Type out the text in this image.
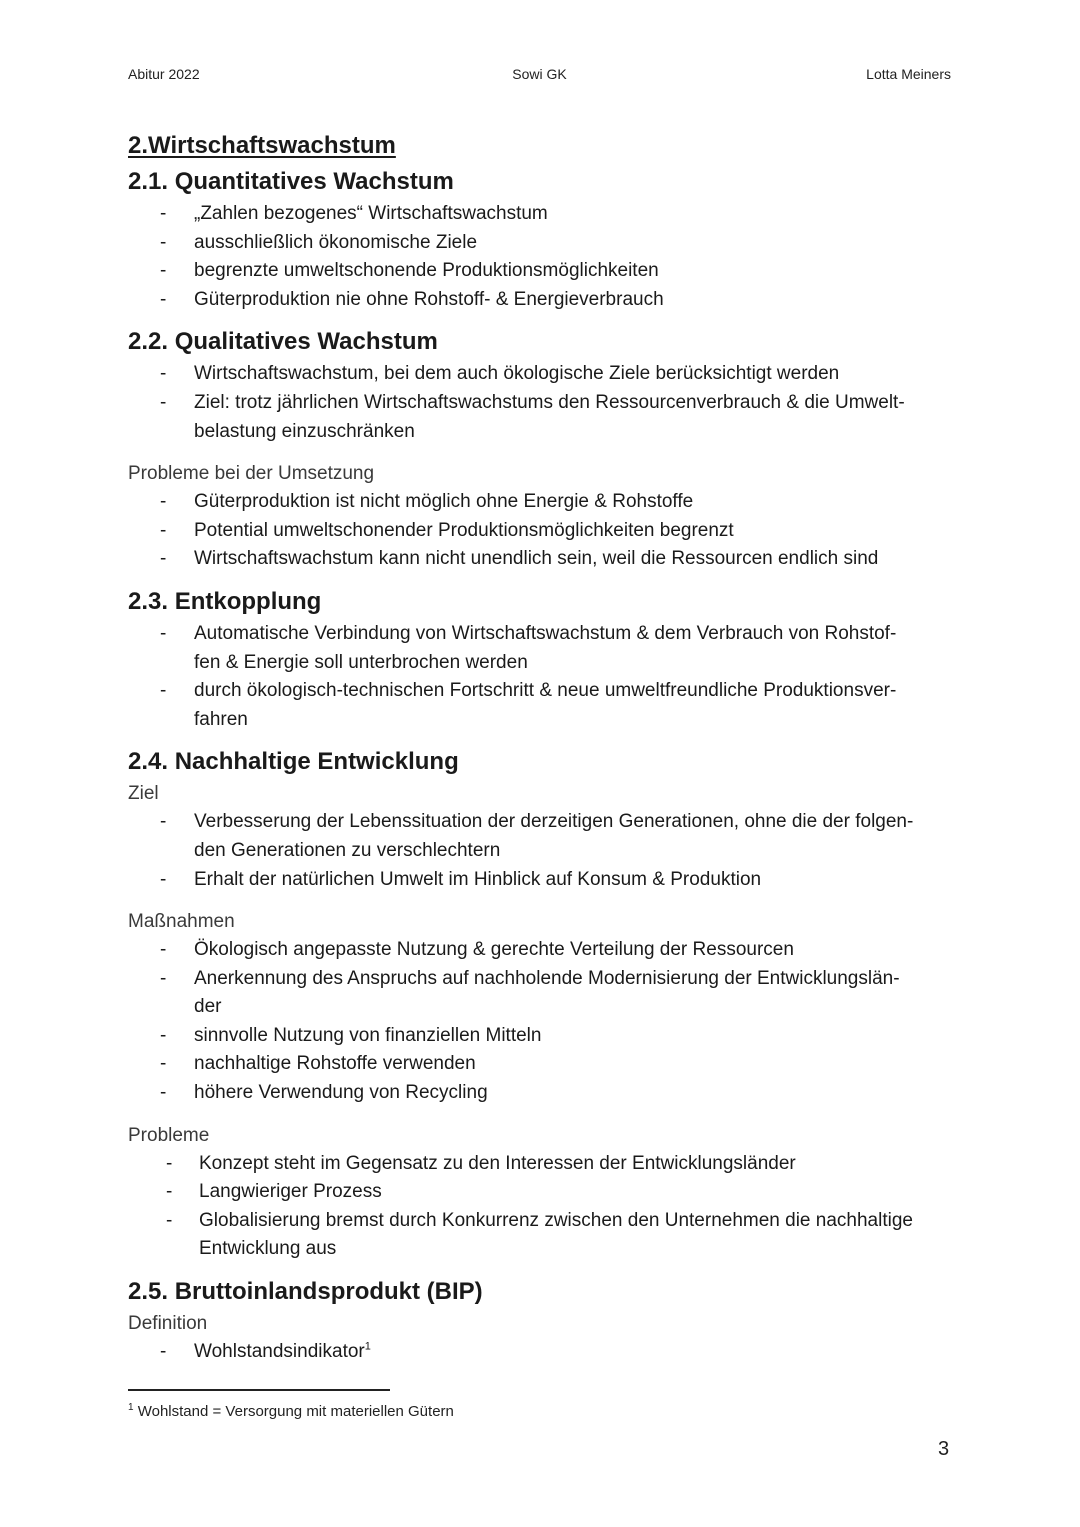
Abitur 2022	Sowi GK	Lotta Meiners
2.Wirtschaftswachstum
2.1. Quantitatives Wachstum
-	„Zahlen bezogenes“ Wirtschaftswachstum
-	ausschließlich ökonomische Ziele
-	begrenzte umweltschonende Produktionsmöglichkeiten
-	Güterproduktion nie ohne Rohstoff- & Energieverbrauch
2.2. Qualitatives Wachstum
-	Wirtschaftswachstum, bei dem auch ökologische Ziele berücksichtigt werden
-	Ziel: trotz jährlichen Wirtschaftswachstums den Ressourcenverbrauch & die Umwelt-
belastung einzuschränken
Probleme bei der Umsetzung
-	Güterproduktion ist nicht möglich ohne Energie & Rohstoffe
-	Potential umweltschonender Produktionsmöglichkeiten begrenzt
-	Wirtschaftswachstum kann nicht unendlich sein, weil die Ressourcen endlich sind
2.3. Entkopplung
-	Automatische Verbindung von Wirtschaftswachstum & dem Verbrauch von Rohstof-
fen & Energie soll unterbrochen werden
-	durch ökologisch-technischen Fortschritt & neue umweltfreundliche Produktionsver-
fahren
2.4. Nachhaltige Entwicklung
Ziel
-	Verbesserung der Lebenssituation der derzeitigen Generationen, ohne die der folgen-
den Generationen zu verschlechtern
-	Erhalt der natürlichen Umwelt im Hinblick auf Konsum & Produktion
Maßnahmen
-	Ökologisch angepasste Nutzung & gerechte Verteilung der Ressourcen
-	Anerkennung des Anspruchs auf nachholende Modernisierung der Entwicklungslän-
der
-	sinnvolle Nutzung von finanziellen Mitteln
-	nachhaltige Rohstoffe verwenden
-	höhere Verwendung von Recycling
Probleme
-	Konzept steht im Gegensatz zu den Interessen der Entwicklungsländer
-	Langwieriger Prozess
-	Globalisierung bremst durch Konkurrenz zwischen den Unternehmen die nachhaltige
Entwicklung aus
2.5. Bruttoinlandsprodukt (BIP)
Definition
-	Wohlstandsindikator$^1$
$^1$ Wohlstand = Versorgung mit materiellen Gütern
3
